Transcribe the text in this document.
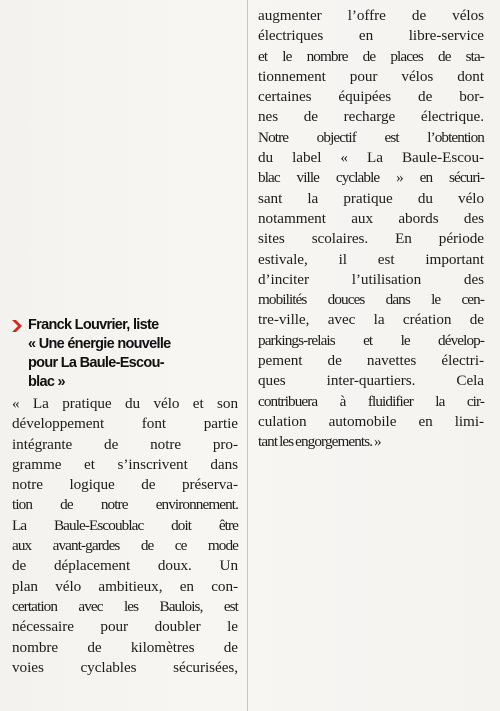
Franck Louvrier, liste
« Une énergie nouvelle
pour La Baule-Escou-
blac »
« La pratique du vélo et son
développement font partie
intégrante de notre pro-
gramme et s’inscrivent dans
notre logique de préserva-
tion de notre environnement.
La Baule-Escoublac doit être
aux avant-gardes de ce mode
de déplacement doux. Un
plan vélo ambitieux, en con-
certation avec les Baulois, est
nécessaire pour doubler le
nombre de kilomètres de
voies cyclables sécurisées,
augmenter l’offre de vélos
électriques en libre-service
et le nombre de places de sta-
tionnement pour vélos dont
certaines équipées de bor-
nes de recharge électrique.
Notre objectif est l’obtention
du label « La Baule-Escou-
blac ville cyclable » en sécuri-
sant la pratique du vélo
notamment aux abords des
sites scolaires. En période
estivale, il est important
d’inciter l’utilisation des
mobilités douces dans le cen-
tre-ville, avec la création de
parkings-relais et le dévelop-
pement de navettes électri-
ques inter-quartiers. Cela
contribuera à fluidifier la cir-
culation automobile en limi-
tant les engorgements. »
